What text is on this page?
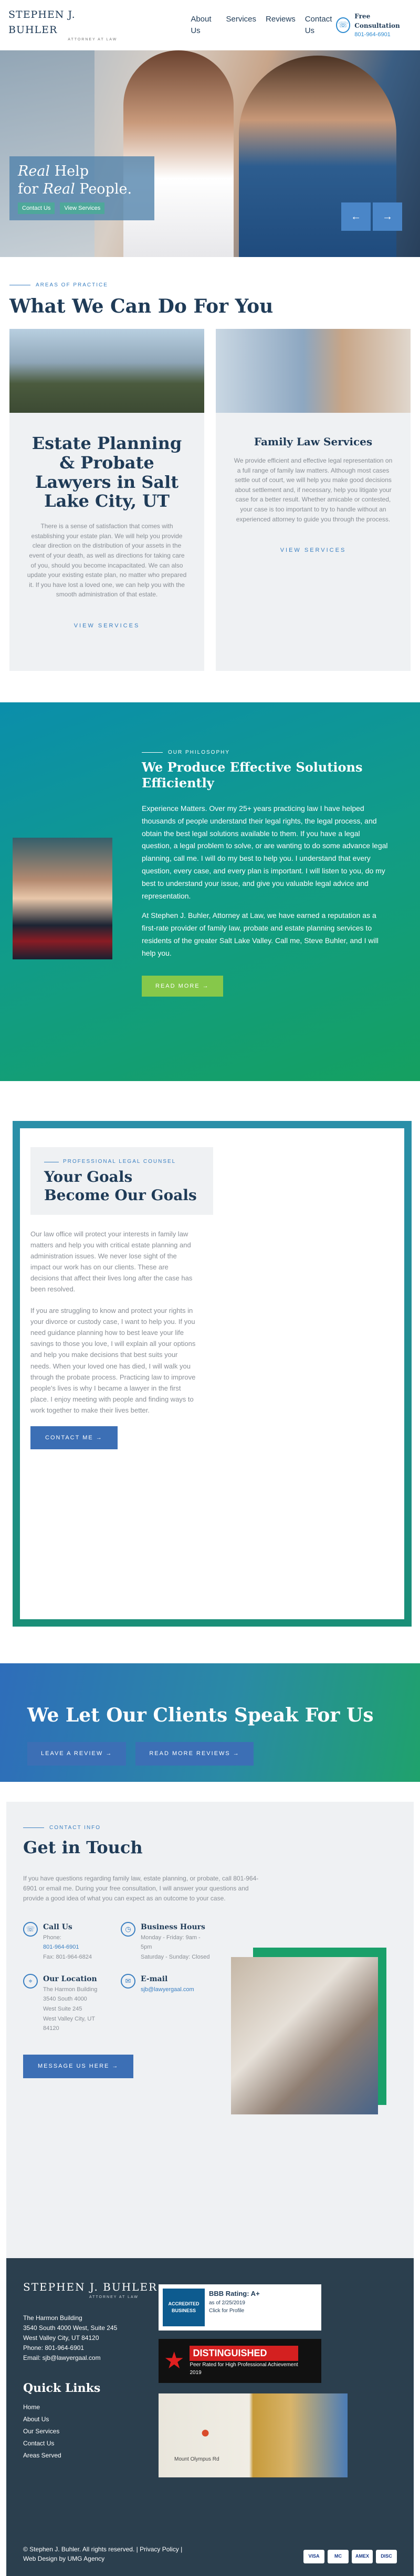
STEPHEN J. BUHLER
ATTORNEY AT LAW
About Us
Services Reviews Contact Us
☏
Free Consultation
801-964-6901
Real Help
for Real People.
Contact Us	View Services
←	→
AREAS OF PRACTICE
What We Can Do For You
Estate Planning & Probate Lawyers in Salt Lake City, UT

There is a sense of satisfaction that comes with establishing your estate plan. We will help you provide clear direction on the distribution of your assets in the event of your death, as well as directions for taking care of you, should you become incapacitated. We can also update your existing estate plan, no matter who prepared it. If you have lost a loved one, we can help you with the smooth administration of that estate.

VIEW SERVICES
Family Law Services

We provide efficient and effective legal representation on a full range of family law matters. Although most cases settle out of court, we will help you make good decisions about settlement and, if necessary, help you litigate your case for a better result. Whether amicable or contested, your case is too important to try to handle without an experienced attorney to guide you through the process.

VIEW SERVICES
OUR PHILOSOPHY
We Produce Effective Solutions Efficiently

Experience Matters. Over my 25+ years practicing law I have helped thousands of people understand their legal rights, the legal process, and obtain the best legal solutions available to them. If you have a legal question, a legal problem to solve, or are wanting to do some advance legal planning, call me. I will do my best to help you. I understand that every question, every case, and every plan is important. I will listen to you, do my best to understand your issue, and give you valuable legal advice and representation.

At Stephen J. Buhler, Attorney at Law, we have earned a reputation as a first-rate provider of family law, probate and estate planning services to residents of the greater Salt Lake Valley. Call me, Steve Buhler, and I will help you.

READ MORE →
PROFESSIONAL LEGAL COUNSEL
Your Goals Become Our Goals

Our law office will protect your interests in family law matters and help you with critical estate planning and administration issues. We never lose sight of the impact our work has on our clients. These are decisions that affect their lives long after the case has been resolved.

If you are struggling to know and protect your rights in your divorce or custody case, I want to help you. If you need guidance planning how to best leave your life savings to those you love, I will explain all your options and help you make decisions that best suits your needs. When your loved one has died, I will walk you through the probate process. Practicing law to improve people's lives is why I became a lawyer in the first place. I enjoy meeting with people and finding ways to work together to make their lives better.

CONTACT ME →
We Let Our Clients Speak For Us
LEAVE A REVIEW →	READ MORE REVIEWS →
CONTACT INFO
Get in Touch

If you have questions regarding family law, estate planning, or probate, call 801-964-6901 or email me. During your free consultation, I will answer your questions and provide a good idea of what you can expect as an outcome to your case.

☏	Call Us
Phone:
801-964-6901
Fax: 801-964-6824
◷	Business Hours
Monday - Friday: 9am - 5pm
Saturday - Sunday: Closed
⌖	Our Location
The Harmon Building
3540 South 4000
West Suite 245
West Valley City, UT
84120
✉	E-mail
sjb@lawyergaal.com
MESSAGE US HERE →
STEPHEN J. BUHLER
ATTORNEY AT LAW
The Harmon Building
3540 South 4000 West, Suite 245
West Valley City, UT 84120
Phone: 801-964-6901
Email: sjb@lawyergaal.com
Quick Links
Home
About Us
Our Services
Contact Us
Areas Served
ACCREDITED BUSINESS
BBB Rating: A+
as of 2/25/2019
Click for Profile
★ DISTINGUISHED
Peer Rated for High Professional Achievement
2019
●
Mount Olympus Rd
© Stephen J. Buhler. All rights reserved. | Privacy Policy | Web Design by UMG Agency	VISA	MC	AMEX	DISC
